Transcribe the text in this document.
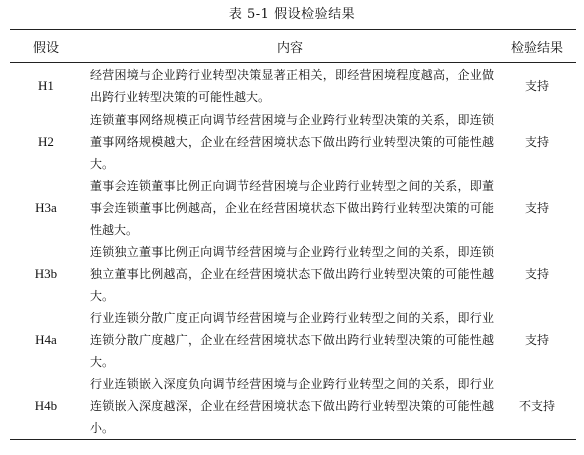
表 5-1 假设检验结果
假设	内容	检验结果
H1	经营困境与企业跨行业转型决策显著正相关，即经营困境程度越高，企业做出跨行业转型决策的可能性越大。	支持
H2	连锁董事网络规模正向调节经营困境与企业跨行业转型决策的关系，即连锁董事网络规模越大，企业在经营困境状态下做出跨行业转型决策的可能性越大。	支持
H3a	董事会连锁董事比例正向调节经营困境与企业跨行业转型之间的关系，即董事会连锁董事比例越高，企业在经营困境状态下做出跨行业转型决策的可能性越大。	支持
H3b	连锁独立董事比例正向调节经营困境与企业跨行业转型之间的关系，即连锁独立董事比例越高，企业在经营困境状态下做出跨行业转型决策的可能性越大。	支持
H4a	行业连锁分散广度正向调节经营困境与企业跨行业转型之间的关系，即行业连锁分散广度越广，企业在经营困境状态下做出跨行业转型决策的可能性越大。	支持
H4b	行业连锁嵌入深度负向调节经营困境与企业跨行业转型之间的关系，即行业连锁嵌入深度越深，企业在经营困境状态下做出跨行业转型决策的可能性越小。	不支持
